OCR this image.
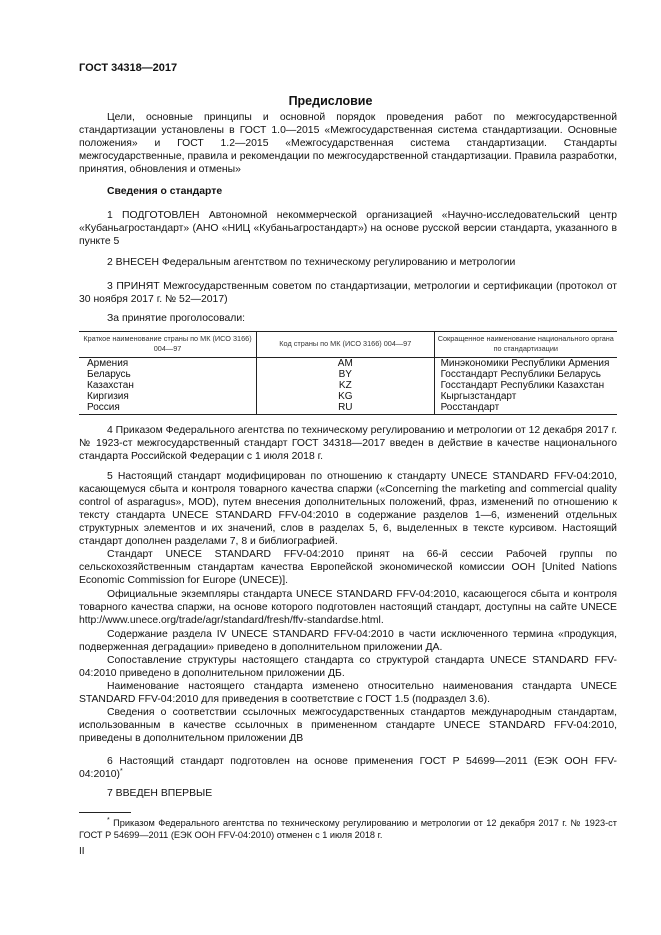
ГОСТ 34318—2017
Предисловие
Цели, основные принципы и основной порядок проведения работ по межгосударственной стандартизации установлены в ГОСТ 1.0—2015 «Межгосударственная система стандартизации. Основные положения» и ГОСТ 1.2—2015 «Межгосударственная система стандартизации. Стандарты межгосударственные, правила и рекомендации по межгосударственной стандартизации. Правила разработки, принятия, обновления и отмены»
Сведения о стандарте
1 ПОДГОТОВЛЕН Автономной некоммерческой организацией «Научно-исследовательский центр «Кубаньагростандарт» (АНО «НИЦ «Кубаньагростандарт») на основе русской версии стандарта, указанного в пункте 5
2 ВНЕСЕН Федеральным агентством по техническому регулированию и метрологии
3 ПРИНЯТ Межгосударственным советом по стандартизации, метрологии и сертификации (протокол от 30 ноября 2017 г. № 52—2017)
За принятие проголосовали:
Краткое наименование страны по МК (ИСО 3166) 004—97	Код страны по МК (ИСО 3166) 004—97	Сокращенное наименование национального органа по стандартизации
Армения	AM	Минэкономики Республики Армения
Беларусь	BY	Госстандарт Республики Беларусь
Казахстан	KZ	Госстандарт Республики Казахстан
Киргизия	KG	Кыргызстандарт
Россия	RU	Росстандарт
4 Приказом Федерального агентства по техническому регулированию и метрологии от 12 декабря 2017 г. № 1923-ст межгосударственный стандарт ГОСТ 34318—2017 введен в действие в качестве национального стандарта Российской Федерации с 1 июля 2018 г.
5 Настоящий стандарт модифицирован по отношению к стандарту UNECE STANDARD FFV-04:2010, касающемуся сбыта и контроля товарного качества спаржи («Concerning the marketing and commercial quality control of asparagus», MOD), путем внесения дополнительных положений, фраз, изменений по отношению к тексту стандарта UNECE STANDARD FFV-04:2010 в содержание разделов 1—6, изменений отдельных структурных элементов и их значений, слов в разделах 5, 6, выделенных в тексте курсивом. Настоящий стандарт дополнен разделами 7, 8 и библиографией.
Стандарт UNECE STANDARD FFV-04:2010 принят на 66-й сессии Рабочей группы по сельскохозяйственным стандартам качества Европейской экономической комиссии ООН [United Nations Economic Commission for Europe (UNECE)].
Официальные экземпляры стандарта UNECE STANDARD FFV-04:2010, касающегося сбыта и контроля товарного качества спаржи, на основе которого подготовлен настоящий стандарт, доступны на сайте UNECE http://www.unece.org/trade/agr/standard/fresh/ffv-standardse.html.
Содержание раздела IV UNECE STANDARD FFV-04:2010 в части исключенного термина «продукция, подверженная деградации» приведено в дополнительном приложении ДА.
Сопоставление структуры настоящего стандарта со структурой стандарта UNECE STANDARD FFV-04:2010 приведено в дополнительном приложении ДБ.
Наименование настоящего стандарта изменено относительно наименования стандарта UNECE STANDARD FFV-04:2010 для приведения в соответствие с ГОСТ 1.5 (подраздел 3.6).
Сведения о соответствии ссылочных межгосударственных стандартов международным стандартам, использованным в качестве ссылочных в примененном стандарте UNECE STANDARD FFV-04:2010, приведены в дополнительном приложении ДВ
6 Настоящий стандарт подготовлен на основе применения ГОСТ Р 54699—2011 (ЕЭК ООН FFV-04:2010)*
7 ВВЕДЕН ВПЕРВЫЕ
* Приказом Федерального агентства по техническому регулированию и метрологии от 12 декабря 2017 г. № 1923-ст ГОСТ Р 54699—2011 (ЕЭК ООН FFV-04:2010) отменен с 1 июля 2018 г.
II
